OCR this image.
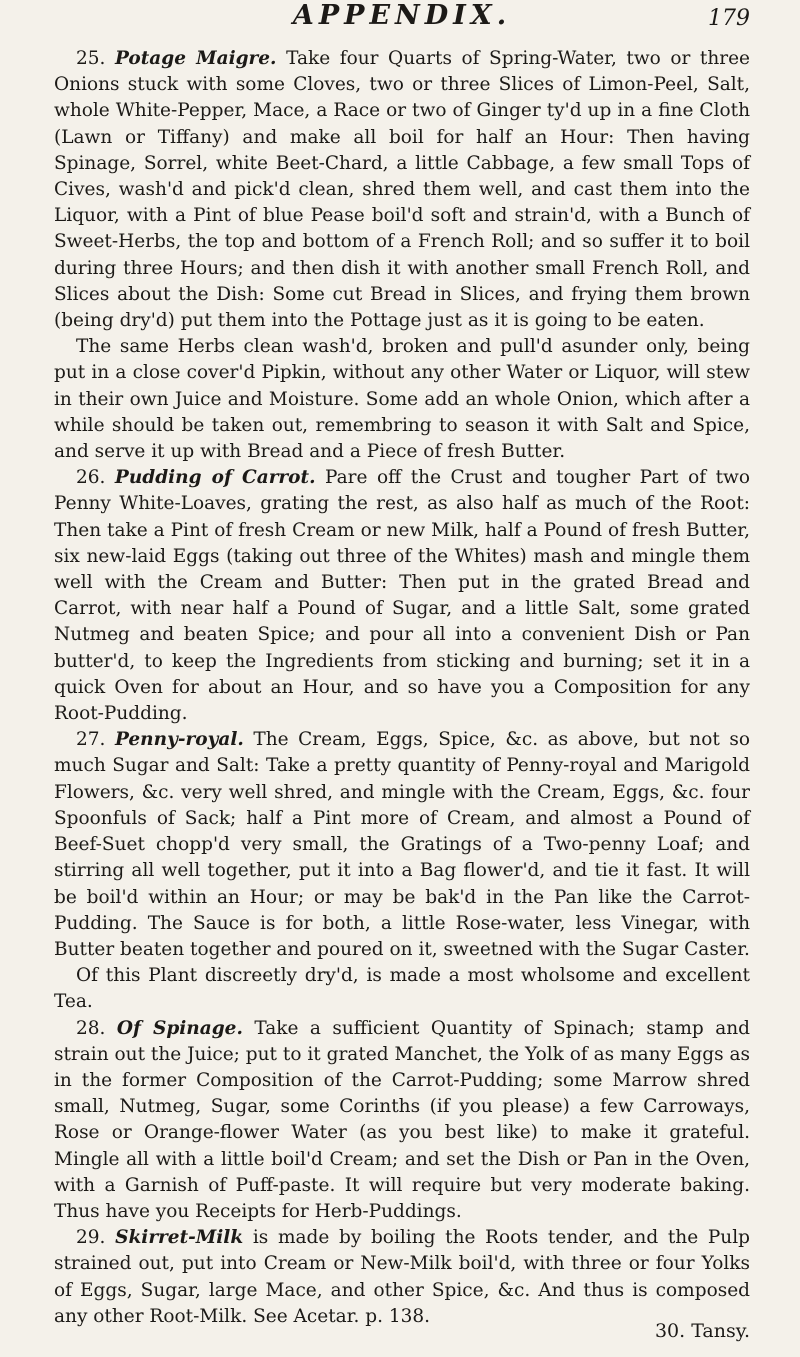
APPENDIX.	179

25. Potage Maigre. Take four Quarts of Spring-Water, two or three Onions stuck with some Cloves, two or three Slices of Limon-Peel, Salt, whole White-Pepper, Mace, a Race or two of Ginger ty'd up in a fine Cloth (Lawn or Tiffany) and make all boil for half an Hour: Then having Spinage, Sorrel, white Beet-Chard, a little Cabbage, a few small Tops of Cives, wash'd and pick'd clean, shred them well, and cast them into the Liquor, with a Pint of blue Pease boil'd soft and strain'd, with a Bunch of Sweet-Herbs, the top and bottom of a French Roll; and so suffer it to boil during three Hours; and then dish it with another small French Roll, and Slices about the Dish: Some cut Bread in Slices, and frying them brown (being dry'd) put them into the Pottage just as it is going to be eaten.

The same Herbs clean wash'd, broken and pull'd asunder only, being put in a close cover'd Pipkin, without any other Water or Liquor, will stew in their own Juice and Moisture. Some add an whole Onion, which after a while should be taken out, remembring to season it with Salt and Spice, and serve it up with Bread and a Piece of fresh Butter.

26. Pudding of Carrot. Pare off the Crust and tougher Part of two Penny White-Loaves, grating the rest, as also half as much of the Root: Then take a Pint of fresh Cream or new Milk, half a Pound of fresh Butter, six new-laid Eggs (taking out three of the Whites) mash and mingle them well with the Cream and Butter: Then put in the grated Bread and Carrot, with near half a Pound of Sugar, and a little Salt, some grated Nutmeg and beaten Spice; and pour all into a convenient Dish or Pan butter'd, to keep the Ingredients from sticking and burning; set it in a quick Oven for about an Hour, and so have you a Composition for any Root-Pudding.

27. Penny-royal. The Cream, Eggs, Spice, &c. as above, but not so much Sugar and Salt: Take a pretty quantity of Penny-royal and Marigold Flowers, &c. very well shred, and mingle with the Cream, Eggs, &c. four Spoonfuls of Sack; half a Pint more of Cream, and almost a Pound of Beef-Suet chopp'd very small, the Gratings of a Two-penny Loaf; and stirring all well together, put it into a Bag flower'd, and tie it fast. It will be boil'd within an Hour; or may be bak'd in the Pan like the Carrot-Pudding. The Sauce is for both, a little Rose-water, less Vinegar, with Butter beaten together and poured on it, sweetned with the Sugar Caster.

Of this Plant discreetly dry'd, is made a most wholsome and excellent Tea.

28. Of Spinage. Take a sufficient Quantity of Spinach; stamp and strain out the Juice; put to it grated Manchet, the Yolk of as many Eggs as in the former Composition of the Carrot-Pudding; some Marrow shred small, Nutmeg, Sugar, some Corinths (if you please) a few Carroways, Rose or Orange-flower Water (as you best like) to make it grateful. Mingle all with a little boil'd Cream; and set the Dish or Pan in the Oven, with a Garnish of Puff-paste. It will require but very moderate baking. Thus have you Receipts for Herb-Puddings.

29. Skirret-Milk is made by boiling the Roots tender, and the Pulp strained out, put into Cream or New-Milk boil'd, with three or four Yolks of Eggs, Sugar, large Mace, and other Spice, &c. And thus is composed any other Root-Milk. See Acetar. p. 138.

30. Tansy.
